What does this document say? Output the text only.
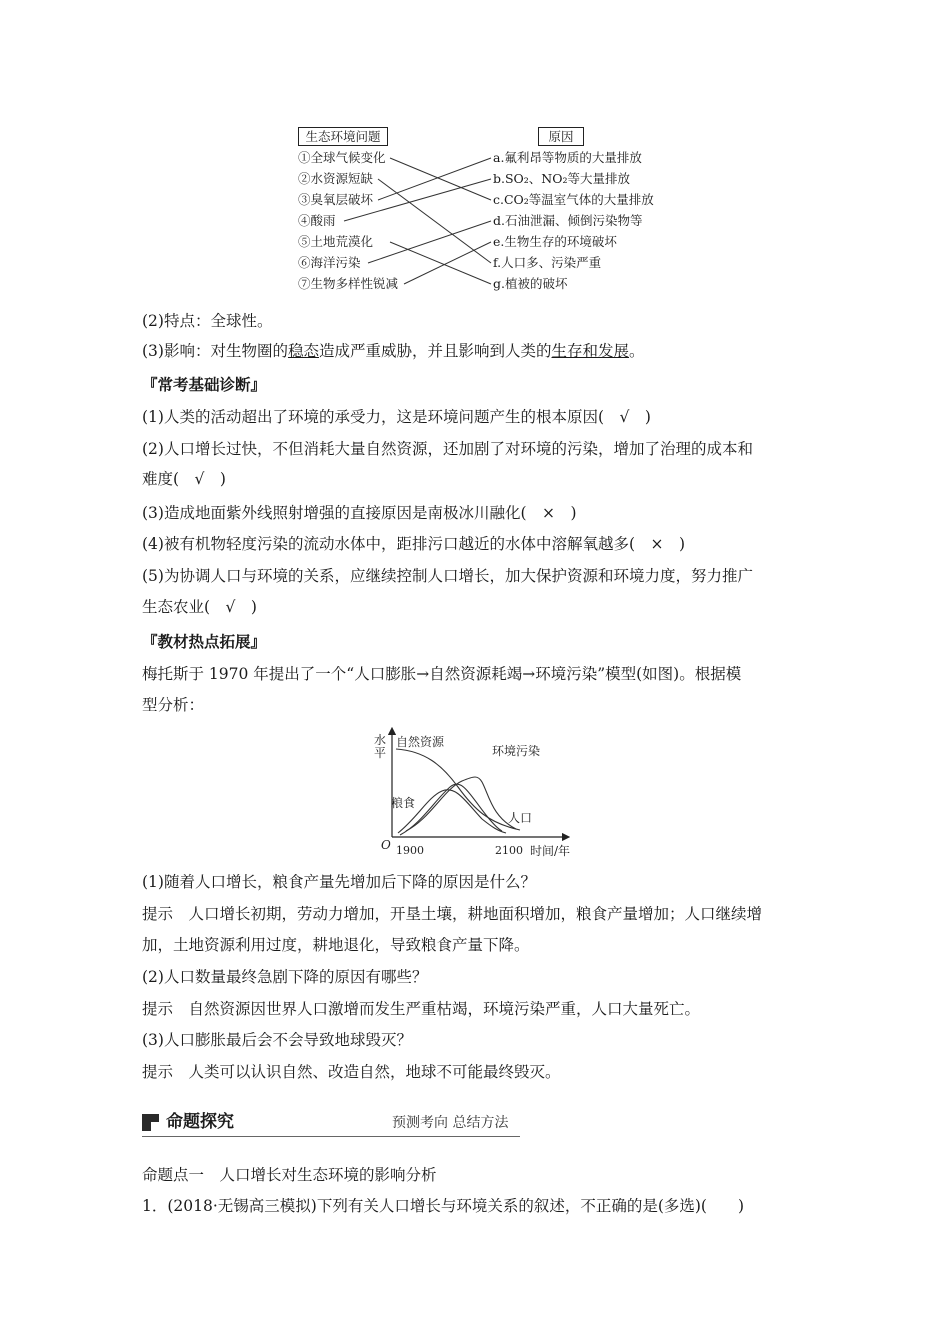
生态环境问题	原因
①全球气候变化
②水资源短缺
③臭氧层破坏
④酸雨
⑤土地荒漠化
⑥海洋污染
⑦生物多样性锐减
a.氟利昂等物质的大量排放
b.SO₂、NO₂等大量排放
c.CO₂等温室气体的大量排放
d.石油泄漏、倾倒污染物等
e.生物生存的环境破坏
f.人口多、污染严重
g.植被的破坏
(2)特点：全球性。
(3)影响：对生物圈的稳态造成严重威胁，并且影响到人类的生存和发展。
『常考基础诊断』
(1)人类的活动超出了环境的承受力，这是环境问题产生的根本原因(　√　)
(2)人口增长过快，不但消耗大量自然资源，还加剧了对环境的污染，增加了治理的成本和
难度(　√　)
(3)造成地面紫外线照射增强的直接原因是南极冰川融化(　×　)
(4)被有机物轻度污染的流动水体中，距排污口越近的水体中溶解氧越多(　×　)
(5)为协调人口与环境的关系，应继续控制人口增长，加大保护资源和环境力度，努力推广
生态农业(　√　)
『教材热点拓展』
梅托斯于 1970 年提出了一个“人口膨胀→自然资源耗竭→环境污染”模型(如图)。根据模
型分析：
水
平
O 1900	2100 时间/年
自然资源
环境污染
粮食
人口
(1)随着人口增长，粮食产量先增加后下降的原因是什么？
提示　人口增长初期，劳动力增加，开垦土壤，耕地面积增加，粮食产量增加；人口继续增
加，土地资源利用过度，耕地退化，导致粮食产量下降。
(2)人口数量最终急剧下降的原因有哪些？
提示　自然资源因世界人口激增而发生严重枯竭，环境污染严重，人口大量死亡。
(3)人口膨胀最后会不会导致地球毁灭？
提示　人类可以认识自然、改造自然，地球不可能最终毁灭。
命题探究	预测考向 总结方法
命题点一　人口增长对生态环境的影响分析
1．(2018·无锡高三模拟)下列有关人口增长与环境关系的叙述，不正确的是(多选)(　　)
